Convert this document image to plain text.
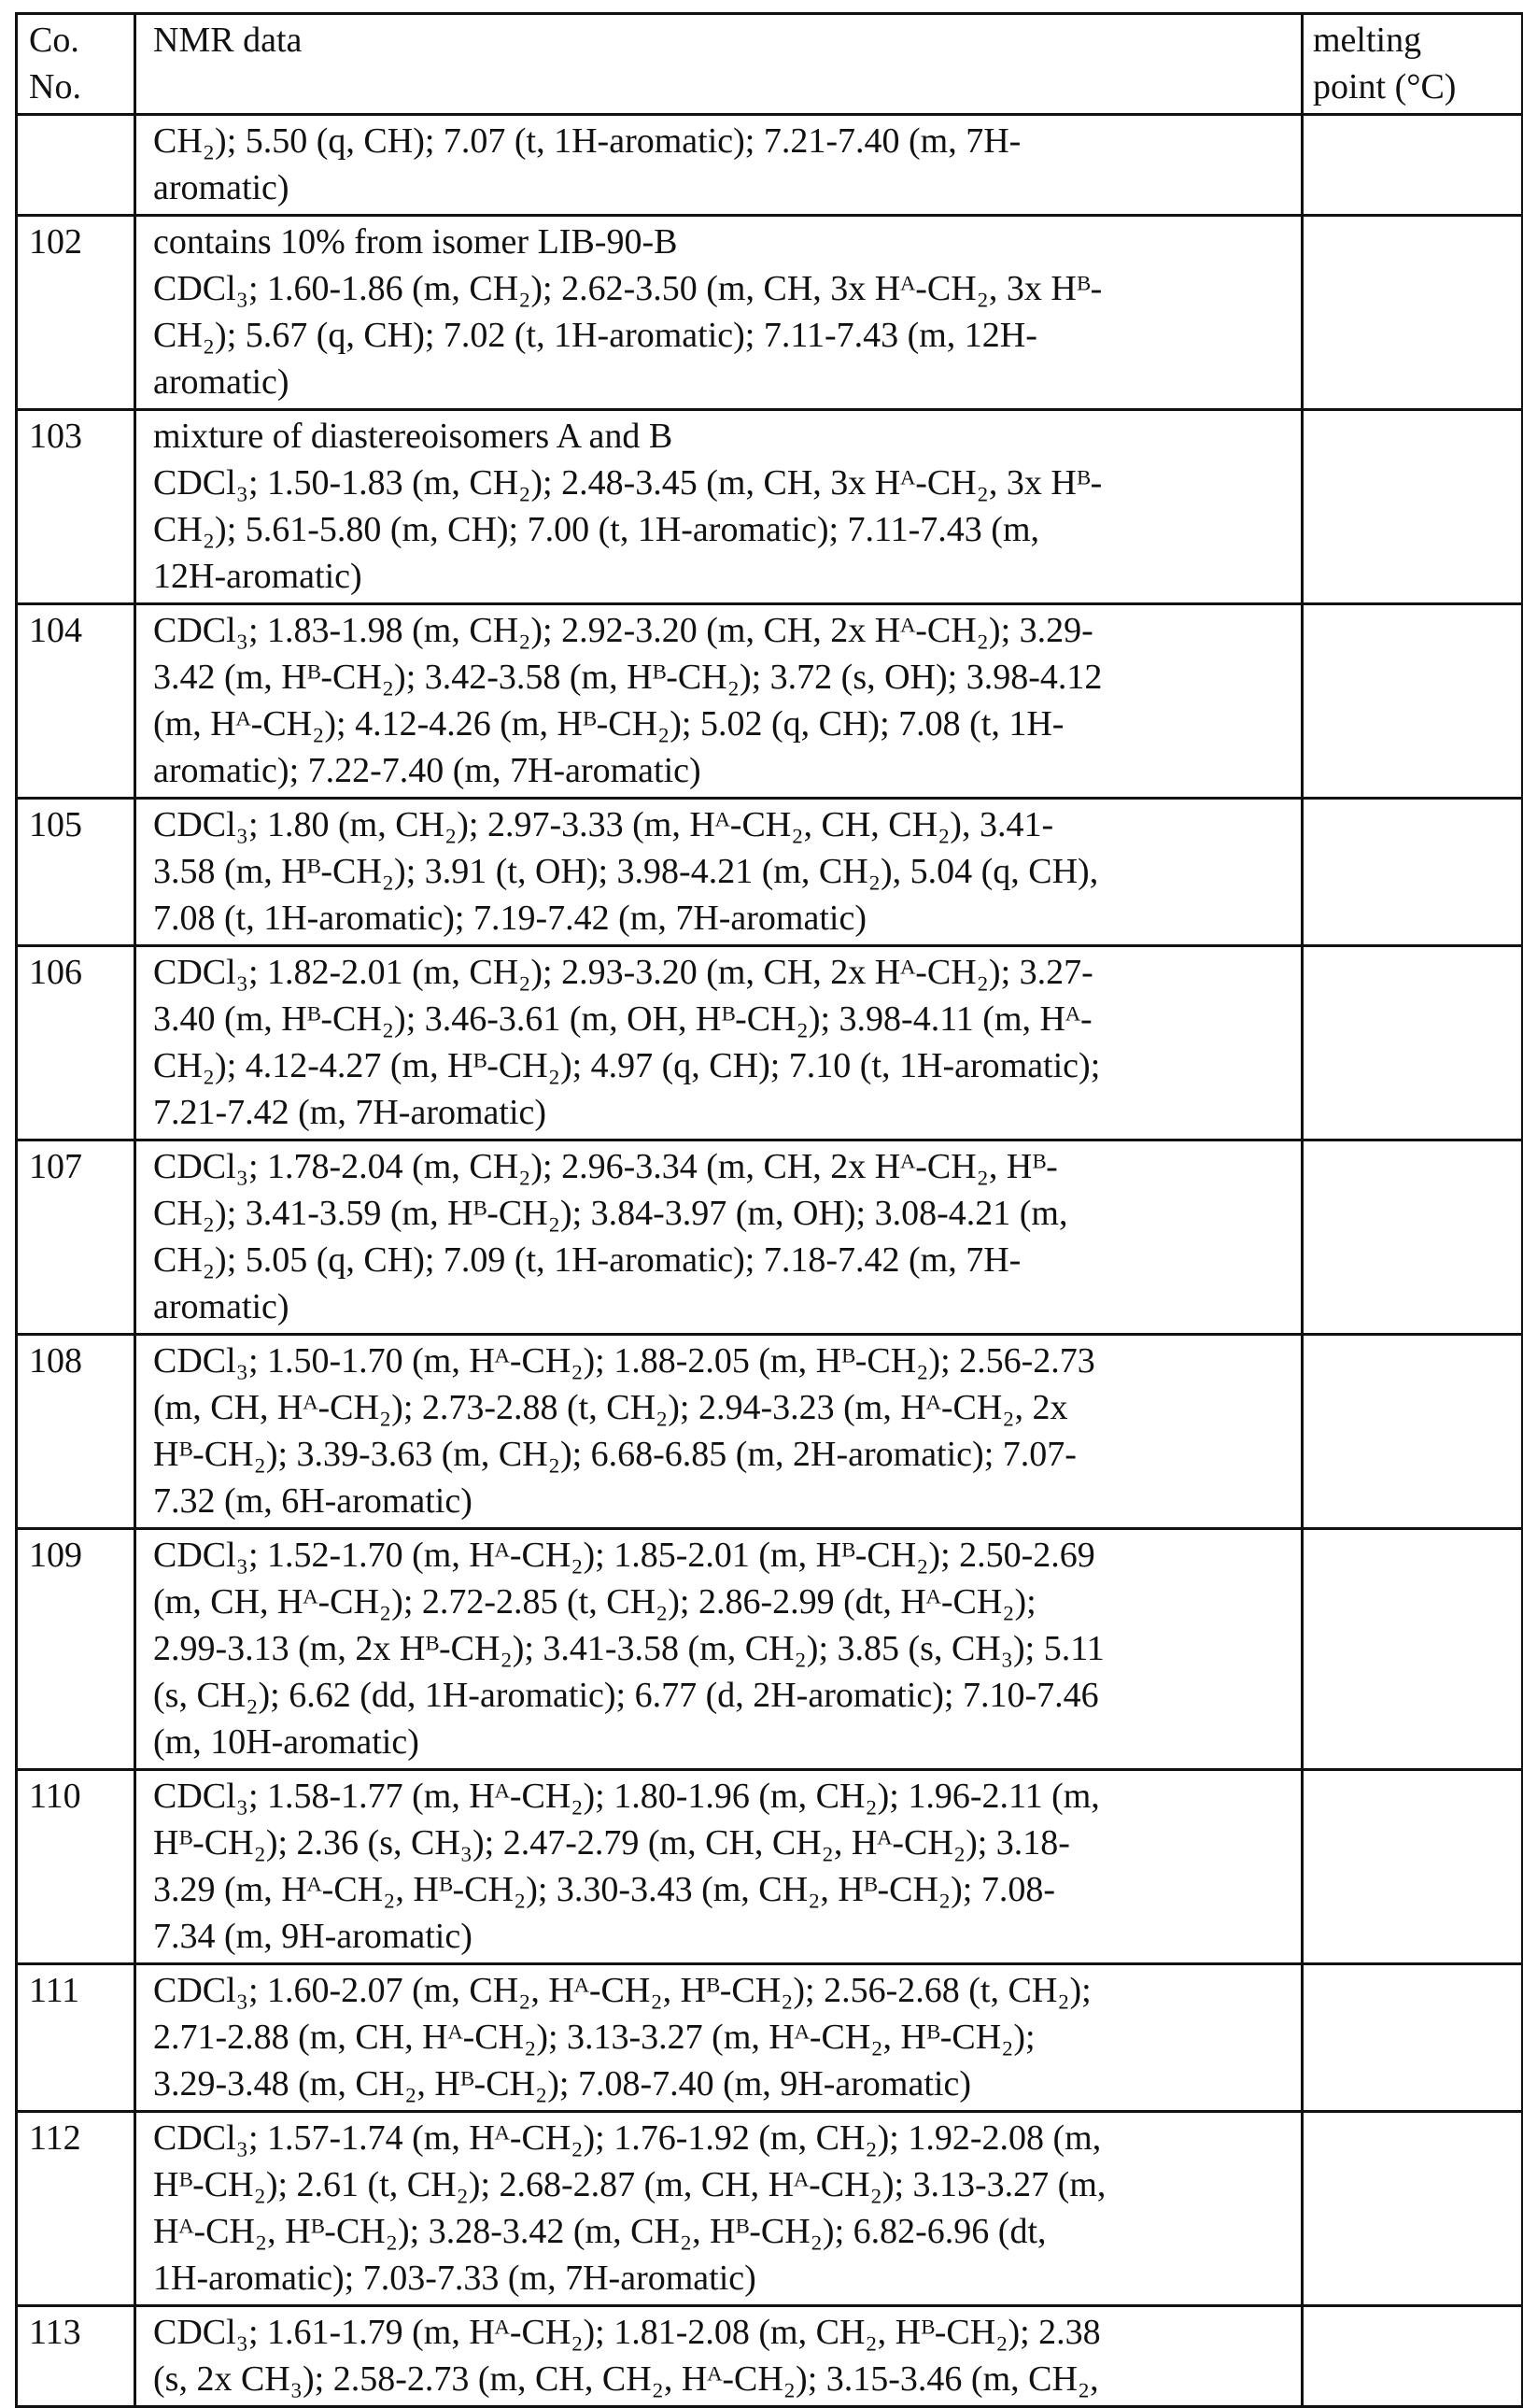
Co.
No.
NMR data	melting
point (°C)
CH₂); 5.50 (q, CH); 7.07 (t, 1H-aromatic); 7.21-7.40 (m, 7H-
aromatic)
102	contains 10% from isomer LIB-90-B
CDCl₃; 1.60-1.86 (m, CH₂); 2.62-3.50 (m, CH, 3x Hᴬ-CH₂, 3x Hᴮ-
CH₂); 5.67 (q, CH); 7.02 (t, 1H-aromatic); 7.11-7.43 (m, 12H-
aromatic)
103	mixture of diastereoisomers A and B
CDCl₃; 1.50-1.83 (m, CH₂); 2.48-3.45 (m, CH, 3x Hᴬ-CH₂, 3x Hᴮ-
CH₂); 5.61-5.80 (m, CH); 7.00 (t, 1H-aromatic); 7.11-7.43 (m,
12H-aromatic)
104	CDCl₃; 1.83-1.98 (m, CH₂); 2.92-3.20 (m, CH, 2x Hᴬ-CH₂); 3.29-
3.42 (m, Hᴮ-CH₂); 3.42-3.58 (m, Hᴮ-CH₂); 3.72 (s, OH); 3.98-4.12
(m, Hᴬ-CH₂); 4.12-4.26 (m, Hᴮ-CH₂); 5.02 (q, CH); 7.08 (t, 1H-
aromatic); 7.22-7.40 (m, 7H-aromatic)
105	CDCl₃; 1.80 (m, CH₂); 2.97-3.33 (m, Hᴬ-CH₂, CH, CH₂), 3.41-
3.58 (m, Hᴮ-CH₂); 3.91 (t, OH); 3.98-4.21 (m, CH₂), 5.04 (q, CH),
7.08 (t, 1H-aromatic); 7.19-7.42 (m, 7H-aromatic)
106	CDCl₃; 1.82-2.01 (m, CH₂); 2.93-3.20 (m, CH, 2x Hᴬ-CH₂); 3.27-
3.40 (m, Hᴮ-CH₂); 3.46-3.61 (m, OH, Hᴮ-CH₂); 3.98-4.11 (m, Hᴬ-
CH₂); 4.12-4.27 (m, Hᴮ-CH₂); 4.97 (q, CH); 7.10 (t, 1H-aromatic);
7.21-7.42 (m, 7H-aromatic)
107	CDCl₃; 1.78-2.04 (m, CH₂); 2.96-3.34 (m, CH, 2x Hᴬ-CH₂, Hᴮ-
CH₂); 3.41-3.59 (m, Hᴮ-CH₂); 3.84-3.97 (m, OH); 3.08-4.21 (m,
CH₂); 5.05 (q, CH); 7.09 (t, 1H-aromatic); 7.18-7.42 (m, 7H-
aromatic)
108	CDCl₃; 1.50-1.70 (m, Hᴬ-CH₂); 1.88-2.05 (m, Hᴮ-CH₂); 2.56-2.73
(m, CH, Hᴬ-CH₂); 2.73-2.88 (t, CH₂); 2.94-3.23 (m, Hᴬ-CH₂, 2x
Hᴮ-CH₂); 3.39-3.63 (m, CH₂); 6.68-6.85 (m, 2H-aromatic); 7.07-
7.32 (m, 6H-aromatic)
109	CDCl₃; 1.52-1.70 (m, Hᴬ-CH₂); 1.85-2.01 (m, Hᴮ-CH₂); 2.50-2.69
(m, CH, Hᴬ-CH₂); 2.72-2.85 (t, CH₂); 2.86-2.99 (dt, Hᴬ-CH₂);
2.99-3.13 (m, 2x Hᴮ-CH₂); 3.41-3.58 (m, CH₂); 3.85 (s, CH₃); 5.11
(s, CH₂); 6.62 (dd, 1H-aromatic); 6.77 (d, 2H-aromatic); 7.10-7.46
(m, 10H-aromatic)
110	CDCl₃; 1.58-1.77 (m, Hᴬ-CH₂); 1.80-1.96 (m, CH₂); 1.96-2.11 (m,
Hᴮ-CH₂); 2.36 (s, CH₃); 2.47-2.79 (m, CH, CH₂, Hᴬ-CH₂); 3.18-
3.29 (m, Hᴬ-CH₂, Hᴮ-CH₂); 3.30-3.43 (m, CH₂, Hᴮ-CH₂); 7.08-
7.34 (m, 9H-aromatic)
111	CDCl₃; 1.60-2.07 (m, CH₂, Hᴬ-CH₂, Hᴮ-CH₂); 2.56-2.68 (t, CH₂);
2.71-2.88 (m, CH, Hᴬ-CH₂); 3.13-3.27 (m, Hᴬ-CH₂, Hᴮ-CH₂);
3.29-3.48 (m, CH₂, Hᴮ-CH₂); 7.08-7.40 (m, 9H-aromatic)
112	CDCl₃; 1.57-1.74 (m, Hᴬ-CH₂); 1.76-1.92 (m, CH₂); 1.92-2.08 (m,
Hᴮ-CH₂); 2.61 (t, CH₂); 2.68-2.87 (m, CH, Hᴬ-CH₂); 3.13-3.27 (m,
Hᴬ-CH₂, Hᴮ-CH₂); 3.28-3.42 (m, CH₂, Hᴮ-CH₂); 6.82-6.96 (dt,
1H-aromatic); 7.03-7.33 (m, 7H-aromatic)
113	CDCl₃; 1.61-1.79 (m, Hᴬ-CH₂); 1.81-2.08 (m, CH₂, Hᴮ-CH₂); 2.38
(s, 2x CH₃); 2.58-2.73 (m, CH, CH₂, Hᴬ-CH₂); 3.15-3.46 (m, CH₂,
